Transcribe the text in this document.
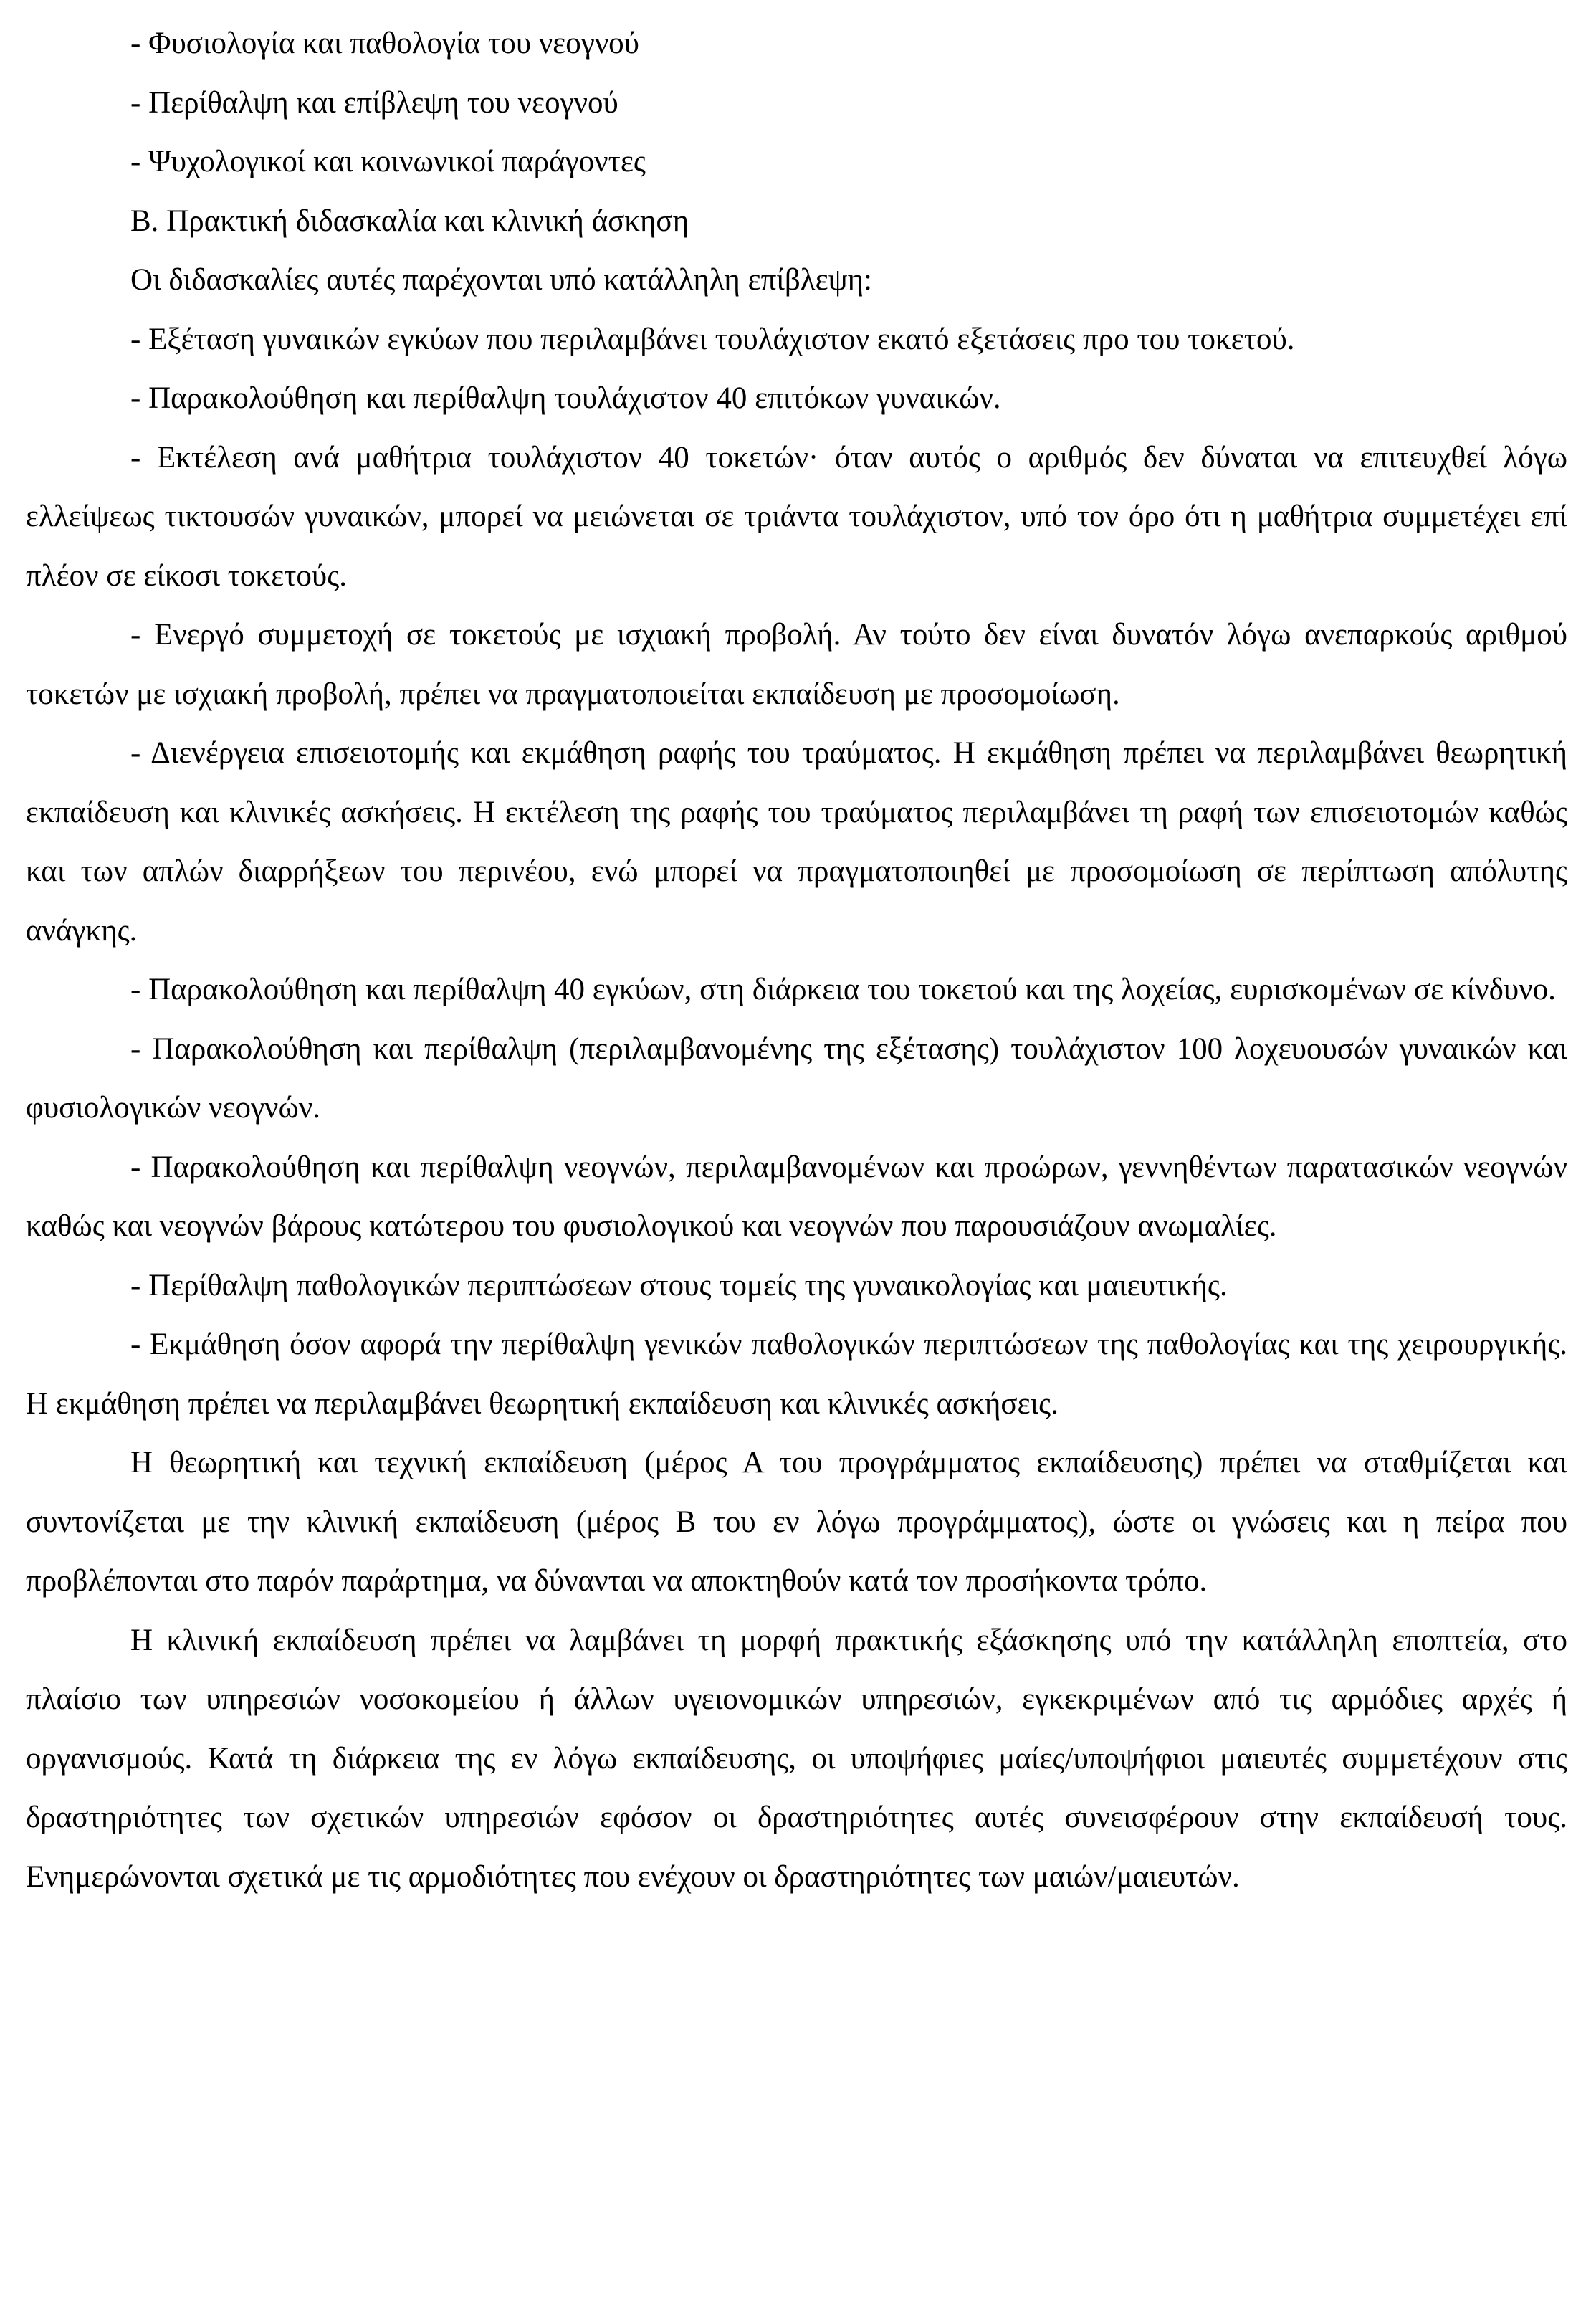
- Φυσιολογία και παθολογία του νεογνού

- Περίθαλψη και επίβλεψη του νεογνού

- Ψυχολογικοί και κοινωνικοί παράγοντες

Β. Πρακτική διδασκαλία και κλινική άσκηση

Οι διδασκαλίες αυτές παρέχονται υπό κατάλληλη επίβλεψη:

- Εξέταση γυναικών εγκύων που περιλαμβάνει τουλάχιστον εκατό εξετάσεις προ του τοκετού.

- Παρακολούθηση και περίθαλψη τουλάχιστον 40 επιτόκων γυναικών.

- Εκτέλεση ανά μαθήτρια τουλάχιστον 40 τοκετών· όταν αυτός ο αριθμός δεν δύναται να επιτευχθεί λόγω ελλείψεως τικτουσών γυναικών, μπορεί να μειώνεται σε τριάντα τουλάχιστον, υπό τον όρο ότι η μαθήτρια συμμετέχει επί πλέον σε είκοσι τοκετούς.

- Ενεργό συμμετοχή σε τοκετούς με ισχιακή προβολή. Αν τούτο δεν είναι δυνατόν λόγω ανεπαρκούς αριθμού τοκετών με ισχιακή προβολή, πρέπει να πραγματοποιείται εκπαίδευση με προσομοίωση.

- Διενέργεια επισειοτομής και εκμάθηση ραφής του τραύματος. Η εκμάθηση πρέπει να περιλαμβάνει θεωρητική εκπαίδευση και κλινικές ασκήσεις. Η εκτέλεση της ραφής του τραύματος περιλαμβάνει τη ραφή των επισειοτομών καθώς και των απλών διαρρήξεων του περινέου, ενώ μπορεί να πραγματοποιηθεί με προσομοίωση σε περίπτωση απόλυτης ανάγκης.

- Παρακολούθηση και περίθαλψη 40 εγκύων, στη διάρκεια του τοκετού και της λοχείας, ευρισκομένων σε κίνδυνο.

- Παρακολούθηση και περίθαλψη (περιλαμβανομένης της εξέτασης) τουλάχιστον 100 λοχευουσών γυναικών και φυσιολογικών νεογνών.

- Παρακολούθηση και περίθαλψη νεογνών, περιλαμβανομένων και προώρων, γεννηθέντων παρατασικών νεογνών καθώς και νεογνών βάρους κατώτερου του φυσιολογικού και νεογνών που παρουσιάζουν ανωμαλίες.

- Περίθαλψη παθολογικών περιπτώσεων στους τομείς της γυναικολογίας και μαιευτικής.

- Εκμάθηση όσον αφορά την περίθαλψη γενικών παθολογικών περιπτώσεων της παθολογίας και της χειρουργικής. Η εκμάθηση πρέπει να περιλαμβάνει θεωρητική εκπαίδευση και κλινικές ασκήσεις.

Η θεωρητική και τεχνική εκπαίδευση (μέρος Α του προγράμματος εκπαίδευσης) πρέπει να σταθμίζεται και συντονίζεται με την κλινική εκπαίδευση (μέρος Β του εν λόγω προγράμματος), ώστε οι γνώσεις και η πείρα που προβλέπονται στο παρόν παράρτημα, να δύνανται να αποκτηθούν κατά τον προσήκοντα τρόπο.

Η κλινική εκπαίδευση πρέπει να λαμβάνει τη μορφή πρακτικής εξάσκησης υπό την κατάλληλη εποπτεία, στο πλαίσιο των υπηρεσιών νοσοκομείου ή άλλων υγειονομικών υπηρεσιών, εγκεκριμένων από τις αρμόδιες αρχές ή οργανισμούς. Κατά τη διάρκεια της εν λόγω εκπαίδευσης, οι υποψήφιες μαίες/υποψήφιοι μαιευτές συμμετέχουν στις δραστηριότητες των σχετικών υπηρεσιών εφόσον οι δραστηριότητες αυτές συνεισφέρουν στην εκπαίδευσή τους. Ενημερώνονται σχετικά με τις αρμοδιότητες που ενέχουν οι δραστηριότητες των μαιών/μαιευτών.
